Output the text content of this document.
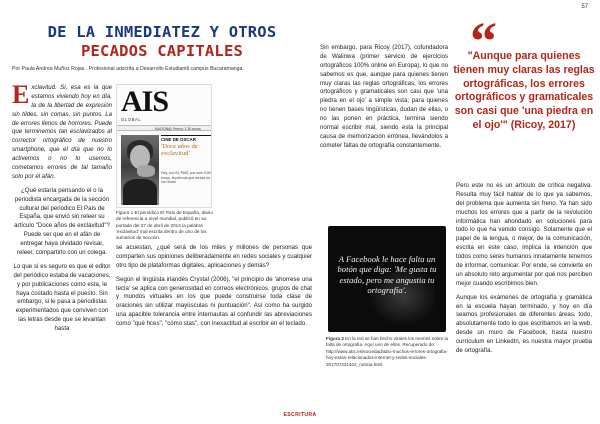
57
DE LA INMEDIATEZ Y OTROS
PECADOS CAPITALES
Por Paula Andrea Muñoz Rojas . Profesional adscrita a Desarrollo Estudiantil campus Bucaramanga.

Exclavitud. Sí, esa es la que estamos viviendo hoy en día, la de la libertad de expresión sin tildes, sin comas, sin puntos. La de errores llenos de horrores. Puede que terminemos tan esclavizados al corrector ortográfico de nuestro smartphone, que el día que no lo activemos o no lo usemos, cometamos errores de tal tamaño solo por el afán.

¿Qué estaría pensando el o la periodista encargada de la sección cultural del periódico El País de España, que envió sin releer su artículo "Doce años de exclavitud"? Puede ser que en el afán de entregar haya olvidado revisar, releer, compartirlo con un colega.

Lo que sí es seguro es que el editor del periódico estaba de vacaciones, y por publicaciones como esta, le haya costado hasta el puesto. Sin embargo, si le pasa a periodistas experimentados que conviven con las letras desde que se levantan hasta

AIS
GLOBAL
NACIONAL Precio: 1,30 euros
CINE DE OSCAR
'Doce años de exclavitud'
Hoy, con EL PAÍS, por solo 9,95 euros, la película que arrasó en los Óscar
Figura 1 El periódico El País de España, diario de referencia a nivel mundial, publicó en su portada del 27 de abril de 2014 la palabra 'exclavitud' mal escrita dentro de uno de los sumarios de sección.

se acuestan, ¿qué será de los miles y millones de personas que comparten sus opiniones deliberadamente en redes sociales y cualquier otro tipo de plataformas digitales, aplicaciones y demás?

Según el lingüista irlandés Crystal (2006), "el principio de 'ahorrese una tecla' se aplica con generosidad en correos electrónicos, grupos de chat y mundos virtuales en los que puede construirse toda clase de oraciones sin utilizar mayúsculas ni puntuación". Así como ha surgido una apacible tolerancia entre internautas al confundir las abreviaciones como "qué hces", "cómo stas", con inexactitud al escribir en el teclado.

Sin embargo, para Ricoy (2017), cofundadora de Walinwa (primer servicio de ejercicios ortográficos 100% online en Europa), lo que no sabemos es que, aunque para quienes tienen muy claras las reglas ortográficas, los errores ortográficos y gramaticales son casi que 'una piedra en el ojo' a simple vista; para quienes no tienen bases lingüísticas, dudan de ellas, o no las ponen en práctica, termina siendo normal escribir mal, siendo esta la principal causa de memorización errónea, llevándolos a cometer faltas de ortografía constantemente.

A Facebook le hace falta un botón que diga: 'Me gusta tu estado, pero me angustia tu ortografía'.
Figura 2 En la red se han hecho virales los memes sobre la falta de ortografía. Aquí uno de ellos. Recuperado de: http://www.abc.es/sociedad/abci-muchos-errores-ortografia-hoy-estan-relacionados-internet-y-redes-sociales-201707231402_noticia.html
“
"Aunque para quienes tienen muy claras las reglas ortográficas, los errores ortográficos y gramaticales son casi que 'una piedra en el ojo'" (Ricoy, 2017)

Pero este no es un artículo de crítica negativa. Resulta muy fácil hablar de lo que ya sabemos, del problema que aumenta sin freno. Ya han sido muchos los errores que a partir de la revolución informática han ahondado en soluciones para todo lo que ha venido consigo. Solamente que el papel de la lengua, o mejor, de la comunicación, escrita en este caso, implica la intención que todos como seres humanos innatamente tenemos de informar, comunicar. Por ende, se convierte en un absoluto reto argumentar por qué nos perciben mejor cuando escribimos bien.

Aunque los exámenes de ortografía y gramática en la escuela hayan terminado, y hoy en día seamos profesionales de diferentes áreas, todo, absolutamente todo lo que escribamos en la web, desde un muro de Facebook, hasta nuestro currículum en LinkedIn, es nuestra mayor prueba de ortografía.

ESCRITURA
